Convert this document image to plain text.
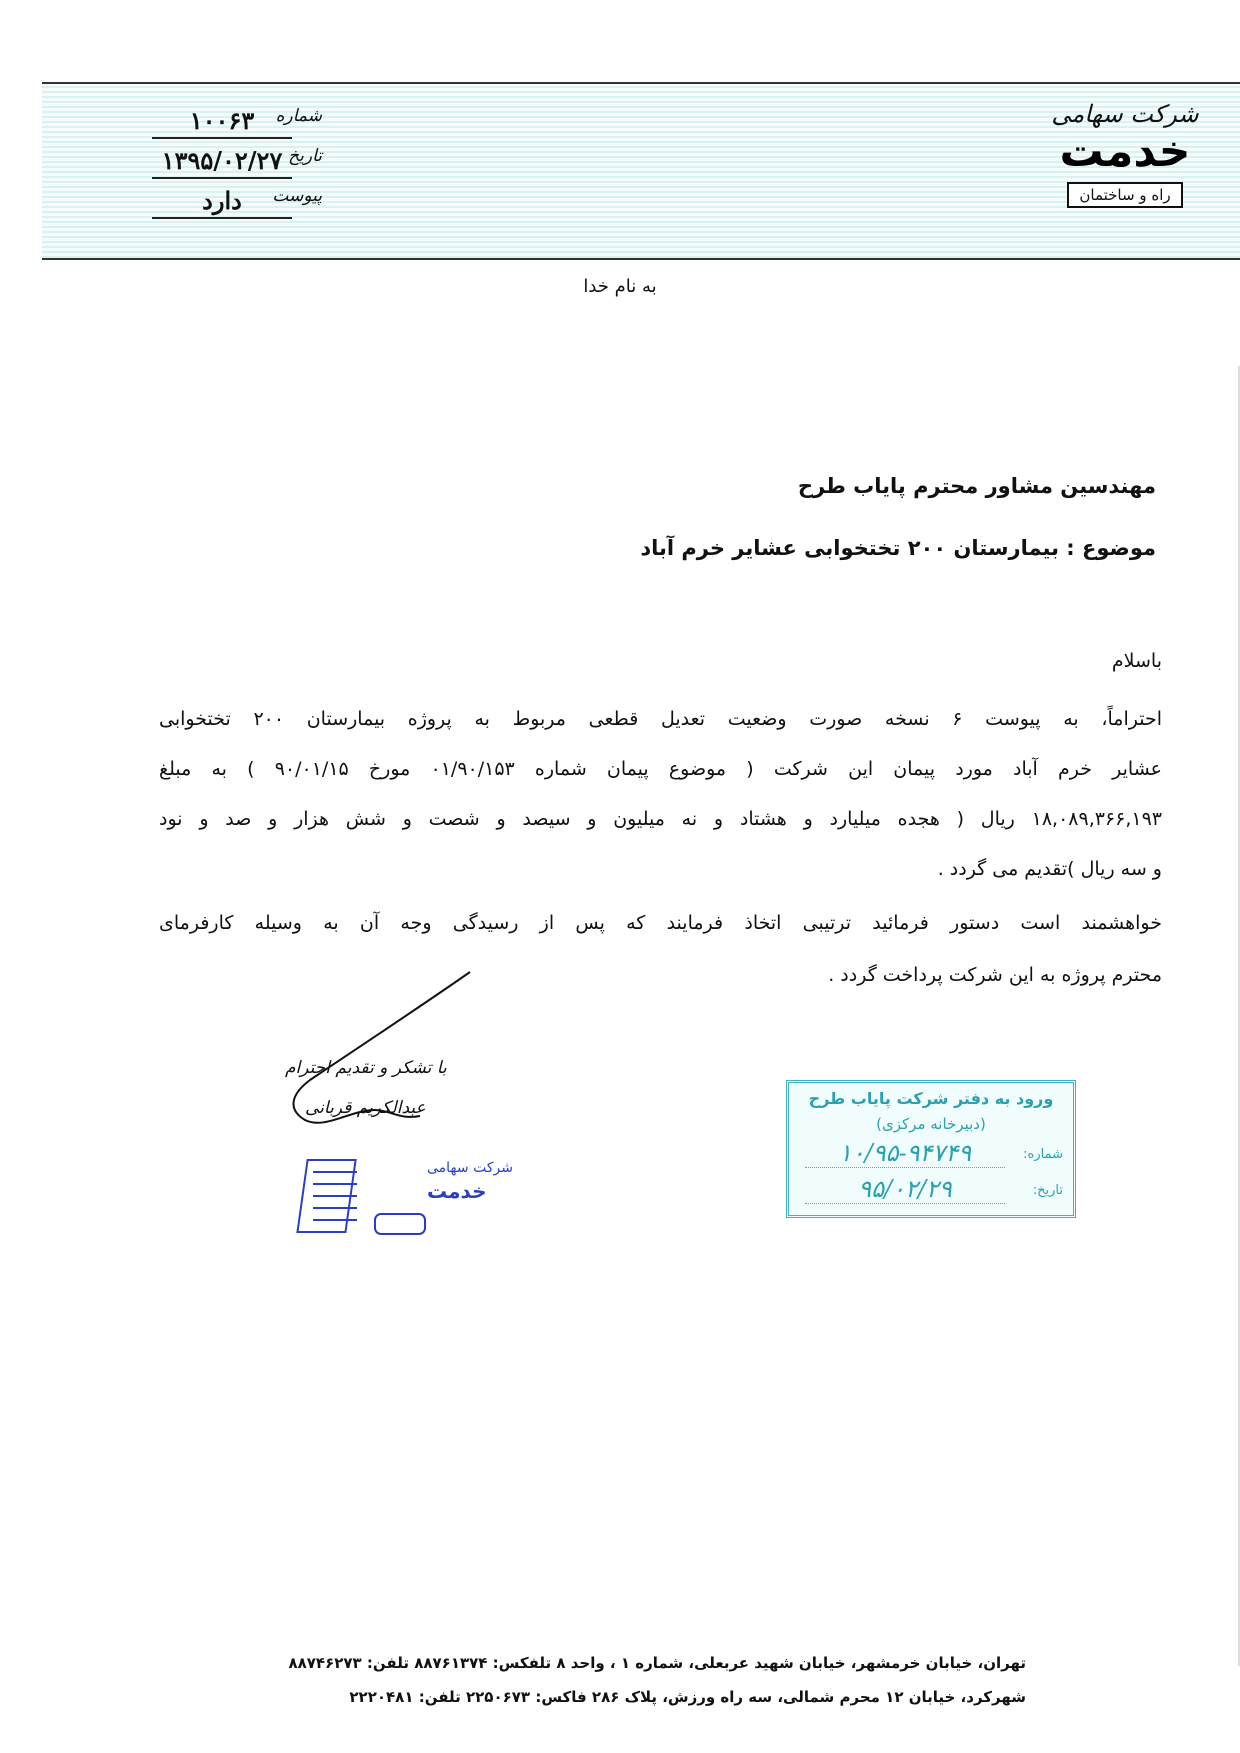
شرکت سهامی
خدمت
راه و ساختمان
شماره
۱۰۰۶۳
تاریخ
۱۳۹۵/۰۲/۲۷
پیوست
دارد
به نام خدا
مهندسین مشاور محترم پایاب طرح
موضوع : بیمارستان ۲۰۰ تختخوابی عشایر خرم آباد
باسلام
احتراماً، به پیوست ۶ نسخه صورت وضعیت تعدیل قطعی مربوط به پروژه بیمارستان ۲۰۰ تختخوابی
عشایر خرم آباد مورد پیمان این شرکت ( موضوع پیمان شماره ۰۱/۹۰/۱۵۳ مورخ ۹۰/۰۱/۱۵ ) به مبلغ
۱۸,۰۸۹,۳۶۶,۱۹۳ ریال ( هجده میلیارد و هشتاد و نه میلیون و سیصد و شصت و شش هزار و صد و نود
و سه ریال )تقدیم می گردد .
خواهشمند است دستور فرمائید ترتیبی اتخاذ فرمایند که پس از رسیدگی وجه آن به وسیله کارفرمای
محترم پروژه به این شرکت پرداخت گردد .
با تشکر و تقدیم احترام
عبدالکریم قربانی
شرکت سهامی
خدمت
ورود به دفتر شرکت پایاب طرح
(دبیرخانه مرکزی)
شماره:
۱۰/۹۵-۹۴۷۴۹
تاریخ:
۹۵/۰۲/۲۹
تهران، خیابان خرمشهر، خیابان شهید عربعلی، شماره ۱ ، واحد ۸ تلفکس: ۸۸۷۶۱۳۷۴ تلفن: ۸۸۷۴۶۲۷۳
شهرکرد، خیابان ۱۲ محرم شمالی، سه راه ورزش، پلاک ۲۸۶ فاکس: ۲۲۵۰۶۷۳ تلفن: ۲۲۲۰۴۸۱
